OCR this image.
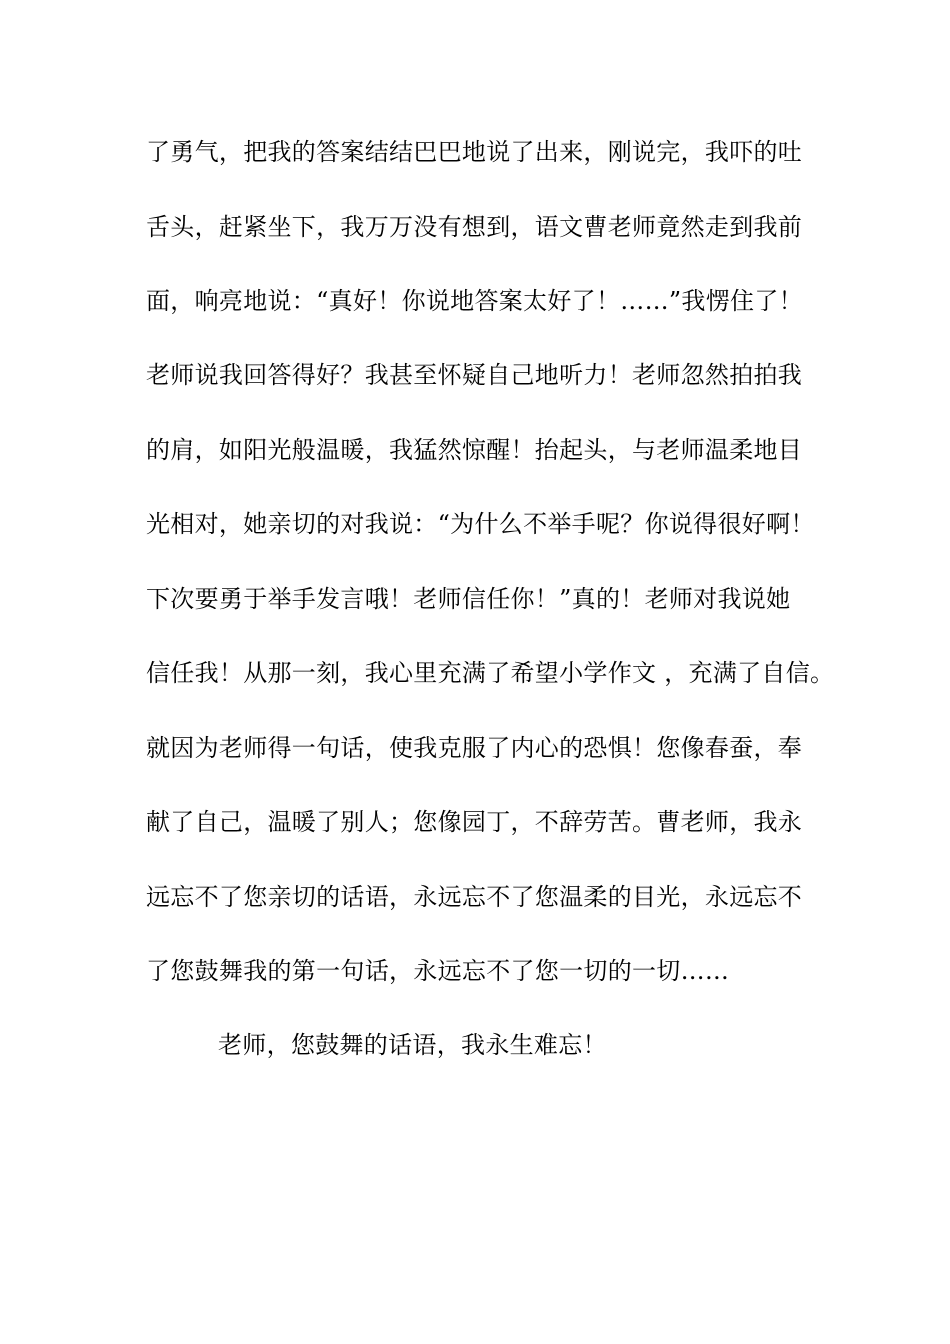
了勇气，把我的答案结结巴巴地说了出来，刚说完，我吓的吐
舌头，赶紧坐下，我万万没有想到，语文曹老师竟然走到我前
面，响亮地说：“真好！你说地答案太好了！……”我愣住了！
老师说我回答得好？我甚至怀疑自己地听力！老师忽然拍拍我
的肩，如阳光般温暖，我猛然惊醒！抬起头，与老师温柔地目
光相对，她亲切的对我说：“为什么不举手呢？你说得很好啊！
下次要勇于举手发言哦！老师信任你！”真的！老师对我说她
信任我！从那一刻，我心里充满了希望小学作文 ，充满了自信。
就因为老师得一句话，使我克服了内心的恐惧！您像春蚕，奉
献了自己，温暖了别人；您像园丁，不辞劳苦。曹老师，我永
远忘不了您亲切的话语，永远忘不了您温柔的目光，永远忘不
了您鼓舞我的第一句话，永远忘不了您一切的一切……
老师，您鼓舞的话语，我永生难忘！
